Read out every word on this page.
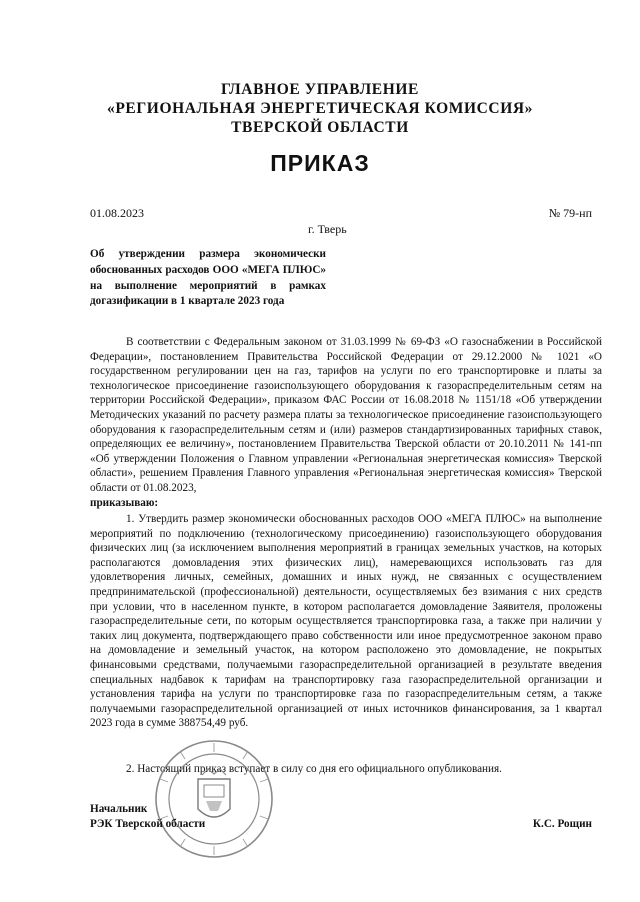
ГЛАВНОЕ УПРАВЛЕНИЕ
«РЕГИОНАЛЬНАЯ ЭНЕРГЕТИЧЕСКАЯ КОМИССИЯ»
ТВЕРСКОЙ ОБЛАСТИ
ПРИКАЗ
01.08.2023
г. Тверь
№ 79-нп
Об утверждении размера экономически обоснованных расходов ООО «МЕГА ПЛЮС» на выполнение мероприятий в рамках догазификации в 1 квартале 2023 года
В соответствии с Федеральным законом от 31.03.1999 № 69-ФЗ «О газоснабжении в Российской Федерации», постановлением Правительства Российской Федерации от 29.12.2000 № 1021 «О государственном регулировании цен на газ, тарифов на услуги по его транспортировке и платы за технологическое присоединение газоиспользующего оборудования к газораспределительным сетям на территории Российской Федерации», приказом ФАС России от 16.08.2018 № 1151/18 «Об утверждении Методических указаний по расчету размера платы за технологическое присоединение газоиспользующего оборудования к газораспределительным сетям и (или) размеров стандартизированных тарифных ставок, определяющих ее величину», постановлением Правительства Тверской области от 20.10.2011 № 141-пп «Об утверждении Положения о Главном управлении «Региональная энергетическая комиссия» Тверской области», решением Правления Главного управления «Региональная энергетическая комиссия» Тверской области от 01.08.2023,
приказываю:
1. Утвердить размер экономически обоснованных расходов ООО «МЕГА ПЛЮС» на выполнение мероприятий по подключению (технологическому присоединению) газоиспользующего оборудования физических лиц (за исключением выполнения мероприятий в границах земельных участков, на которых располагаются домовладения этих физических лиц), намеревающихся использовать газ для удовлетворения личных, семейных, домашних и иных нужд, не связанных с осуществлением предпринимательской (профессиональной) деятельности, осуществляемых без взимания с них средств при условии, что в населенном пункте, в котором располагается домовладение Заявителя, проложены газораспределительные сети, по которым осуществляется транспортировка газа, а также при наличии у таких лиц документа, подтверждающего право собственности или иное предусмотренное законом право на домовладение и земельный участок, на котором расположено это домовладение, не покрытых финансовыми средствами, получаемыми газораспределительной организацией в результате введения специальных надбавок к тарифам на транспортировку газа газораспределительной организации и установления тарифа на услуги по транспортировке газа по газораспределительным сетям, а также получаемыми газораспределительной организацией от иных источников финансирования, за 1 квартал 2023 года в сумме 388754,49 руб.
2. Настоящий приказ вступает в силу со дня его официального опубликования.
Начальник
РЭК Тверской области	К.С. Рощин
